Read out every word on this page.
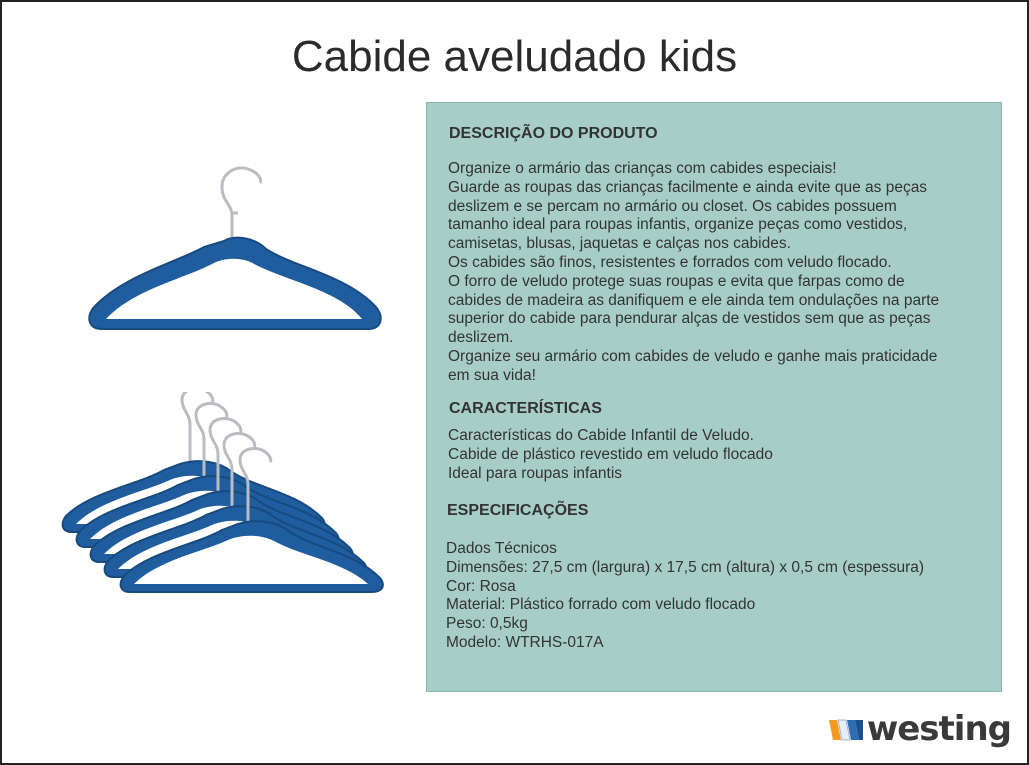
Cabide aveludado kids
DESCRIÇÃO DO PRODUTO

Organize o armário das crianças com cabides especiais!

Guarde as roupas das crianças facilmente e ainda evite que as peças

deslizem e se percam no armário ou closet. Os cabides possuem

tamanho ideal para roupas infantis, organize peças como vestidos,

camisetas, blusas, jaquetas e calças nos cabides.

Os cabides são finos, resistentes e forrados com veludo flocado.

O forro de veludo protege suas roupas e evita que farpas como de

cabides de madeira as danifiquem e ele ainda tem ondulações na parte

superior do cabide para pendurar alças de vestidos sem que as peças

deslizem.

Organize seu armário com cabides de veludo e ganhe mais praticidade

em sua vida!

CARACTERÍSTICAS

Características do Cabide Infantil de Veludo.

Cabide de plástico revestido em veludo flocado

Ideal para roupas infantis

ESPECIFICAÇÕES

Dados Técnicos

Dimensões: 27,5 cm (largura) x 17,5 cm (altura) x 0,5 cm (espessura)

Cor: Rosa

Material: Plástico forrado com veludo flocado

Peso: 0,5kg

Modelo: WTRHS-017A

westing
